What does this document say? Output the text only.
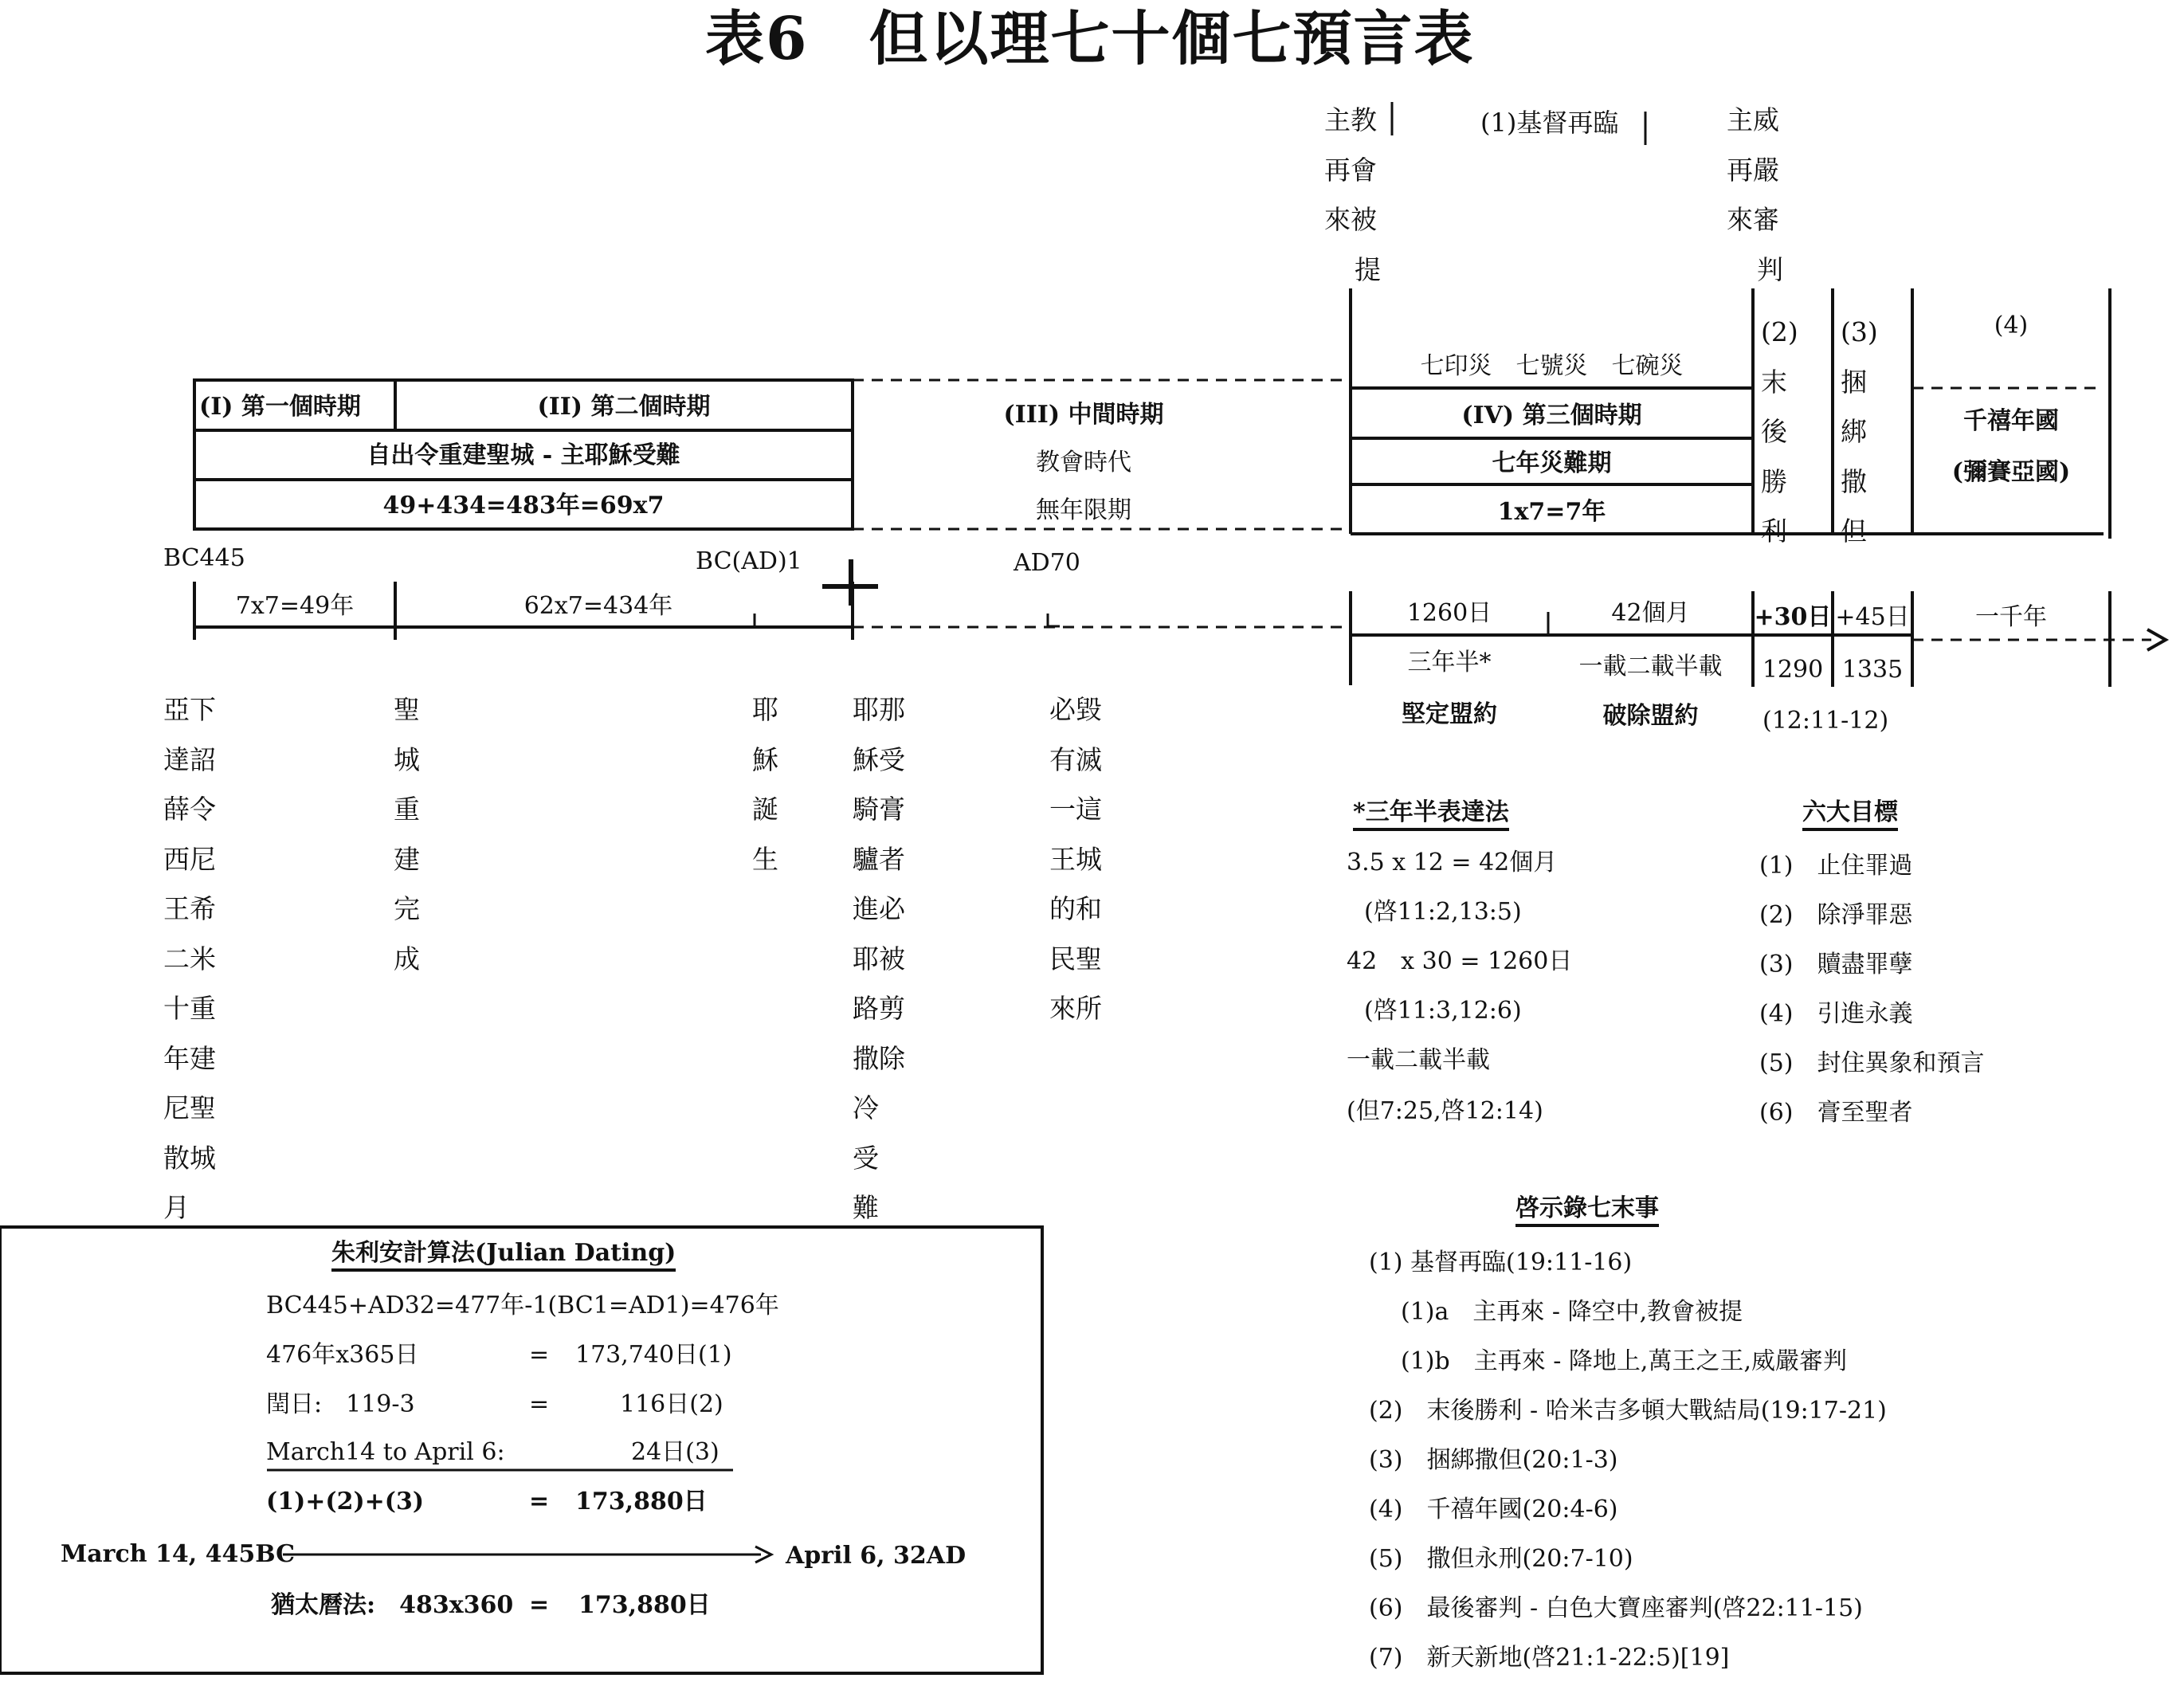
表6　但以理七十個七預言表
主教
再會
來被
提
(1)基督再臨	主威
再嚴
來審
判
(I) 第一個時期	(II) 第二個時期
自出令重建聖城 - 主耶穌受難
49+434=483年=69x7
(III) 中間時期
教會時代
無年限期
七印災　七號災　七碗災
(IV) 第三個時期
七年災難期
1x7=7年
(2)
末
後
勝
利
(3)
捆
綁
撒
但
(4)
千禧年國
(彌賽亞國)
BC445
7x7=49年	62x7=434年
BC(AD)1	AD70
1260日	42個月	+30日 +45日	一千年
三年半*	一載二載半載	1290 1335
堅定盟約	破除盟約	(12:11-12)
亞下
達詔
薛令
西尼
王希
二米
十重
年建
尼聖
散城
月
聖
城
重
建
完
成
耶
穌
誕
生
耶那
穌受
騎膏
驢者
進必
耶被
路剪
撒除
冷
受
難
必毀
有滅
一這
王城
的和
民聖
來所
*三年半表達法
3.5 x 12 = 42個月
(啓11:2,13:5)
42　x 30 = 1260日
(啓11:3,12:6)
一載二載半載
(但7:25,啓12:14)
六大目標
(1)　止住罪過
(2)　除淨罪惡
(3)　贖盡罪孽
(4)　引進永義
(5)　封住異象和預言
(6)　膏至聖者
啓示錄七末事
(1) 基督再臨(19:11-16)
(1)a　主再來 - 降空中,教會被提
(1)b　主再來 - 降地上,萬王之王,威嚴審判
(2)　末後勝利 - 哈米吉多頓大戰結局(19:17-21)
(3)　捆綁撒但(20:1-3)
(4)　千禧年國(20:4-6)
(5)　撒但永刑(20:7-10)
(6)　最後審判 - 白色大寶座審判(啓22:11-15)
(7)　新天新地(啓21:1-22:5)[19]
朱利安計算法(Julian Dating)
BC445+AD32=477年-1(BC1=AD1)=476年
476年x365日	= 173,740日(1)
閏日:　119-3	=	116日(2)
March14 to April 6:	24日(3)
(1)+(2)+(3)	= 173,880日
March 14, 445BC	April 6, 32AD
猶太曆法:　483x360 = 173,880日
